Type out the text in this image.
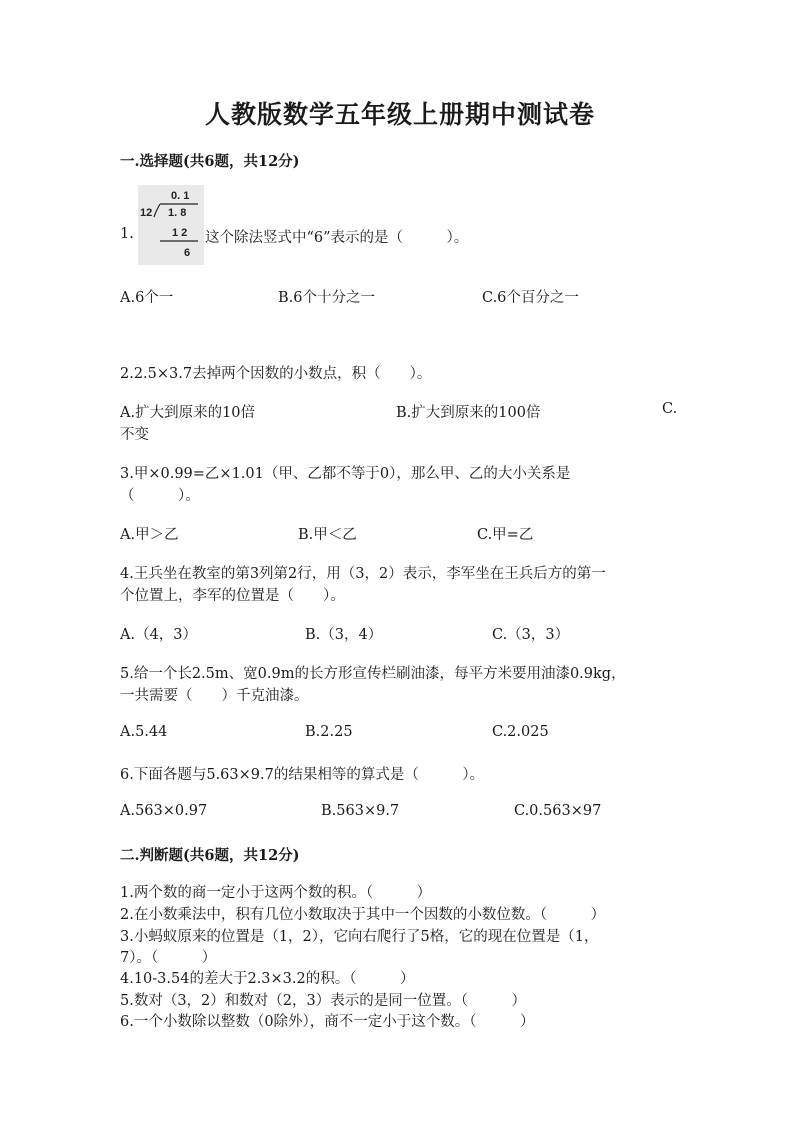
人教版数学五年级上册期中测试卷
一.选择题(共6题，共12分)
0. 1
12 1. 8
1 2
6
1.	这个除法竖式中“6”表示的是（　　　）。
A.6个一	B.6个十分之一	C.6个百分之一
2.2.5×3.7去掉两个因数的小数点，积（　　）。
A.扩大到原来的10倍	B.扩大到原来的100倍	C.
不变
3.甲×0.99=乙×1.01（甲、乙都不等于0），那么甲、乙的大小关系是
（　　　）。
A.甲＞乙	B.甲＜乙	C.甲=乙
4.王兵坐在教室的第3列第2行，用（3，2）表示，李军坐在王兵后方的第一
个位置上，李军的位置是（　　）。
A.（4，3）	B.（3，4）	C.（3，3）
5.给一个长2.5m、宽0.9m的长方形宣传栏刷油漆，每平方米要用油漆0.9kg，
一共需要（　　）千克油漆。
A.5.44	B.2.25	C.2.025
6.下面各题与5.63×9.7的结果相等的算式是（　　　）。
A.563×0.97	B.563×9.7	C.0.563×97
二.判断题(共6题，共12分)
1.两个数的商一定小于这两个数的积。（　　　）
2.在小数乘法中，积有几位小数取决于其中一个因数的小数位数。（　　　）
3.小蚂蚁原来的位置是（1，2），它向右爬行了5格，它的现在位置是（1，
7）。（　　　）
4.10-3.54的差大于2.3×3.2的积。（　　　）
5.数对（3，2）和数对（2，3）表示的是同一位置。（　　　）
6.一个小数除以整数（0除外），商不一定小于这个数。（　　　）
